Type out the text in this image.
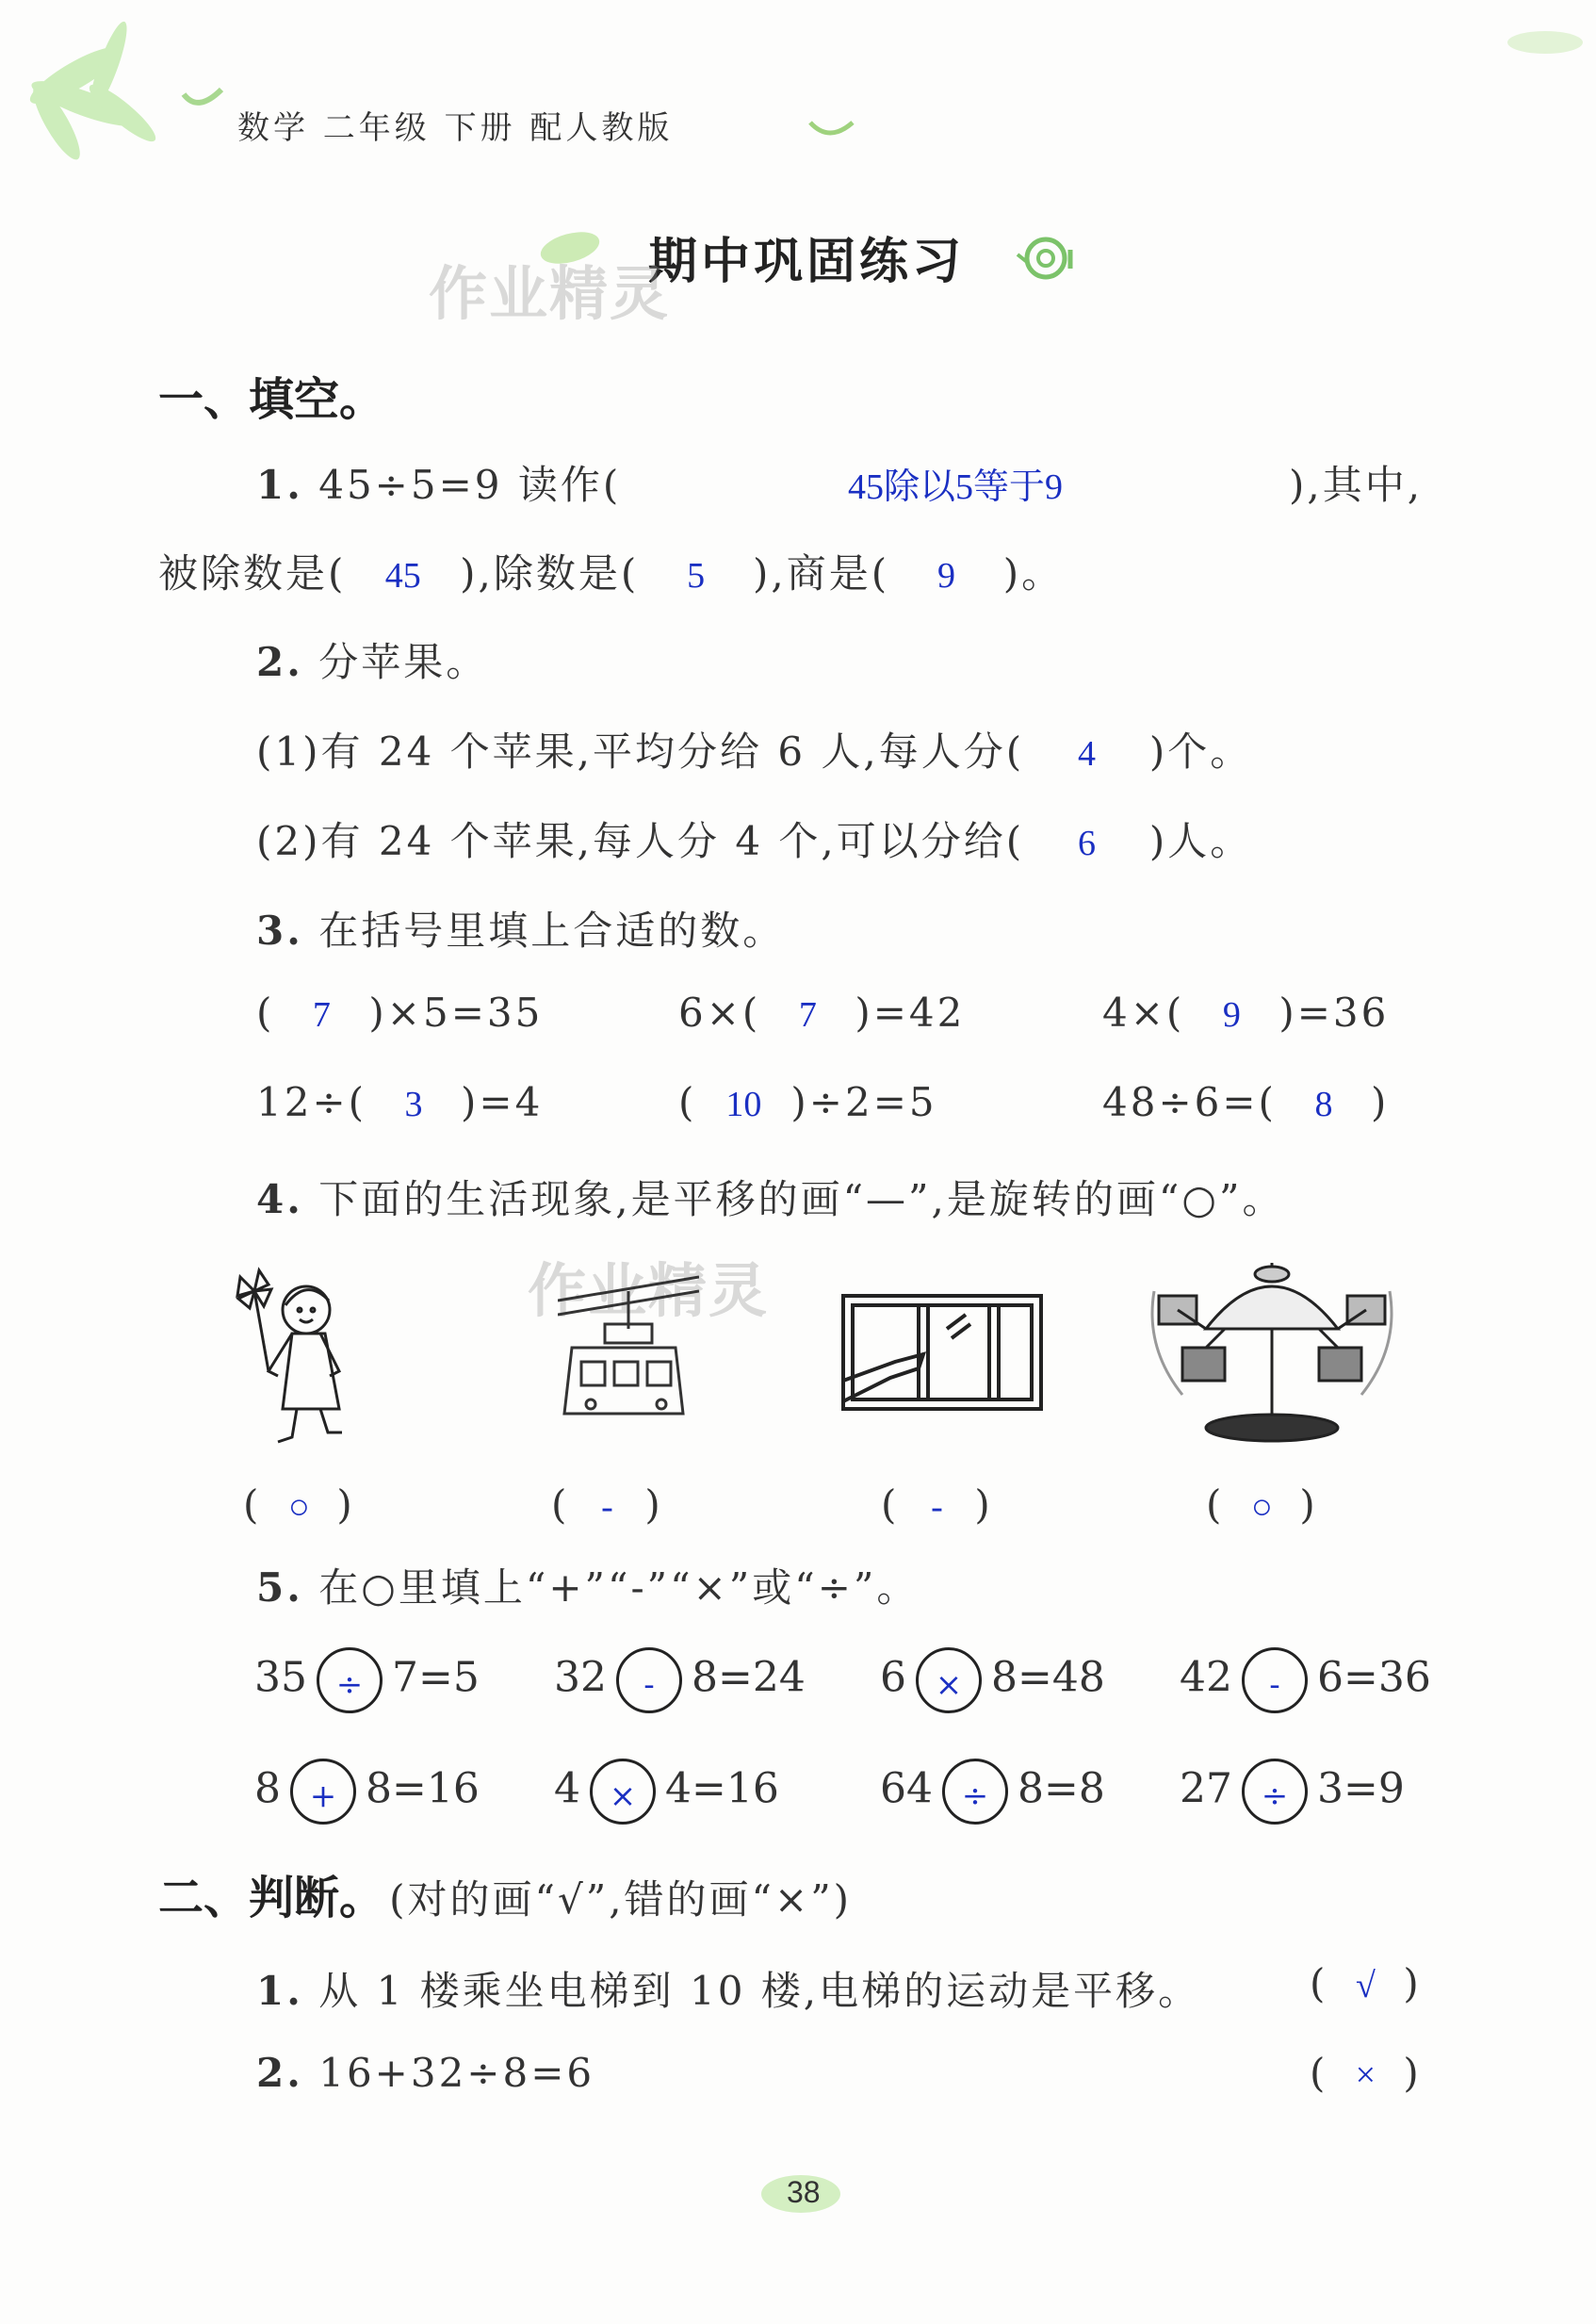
数学 二年级 下册 配人教版
期中巩固练习
作业精灵
一、填空。
1. 45÷5=9 读作(	45除以5等于9	),其中,
被除数是( 45 ),除数是( 5 ),商是( 9 )。
2. 分苹果。
(1)有 24 个苹果,平均分给 6 人,每人分( 4 )个。
(2)有 24 个苹果,每人分 4 个,可以分给( 6 )人。
3. 在括号里填上合适的数。
( 7 )×5=35	6×( 7 )=42	4×( 9 )=36
12÷( 3 )=4	( 10 )÷2=5	48÷6=( 8 )
4. 下面的生活现象,是平移的画“—”,是旋转的画“○”。
作业精灵
( ○ )	( - )	( - )	( ○ )
5. 在○里填上“+”“-”“×”或“÷”。
35 ÷ 7=5 32 - 8=24 6 × 8=48 42 - 6=36
8 + 8=16 4 × 4=16 64 ÷ 8=8 27 ÷ 3=9
二、判断。 (对的画“√”,错的画“×”)
1. 从 1 楼乘坐电梯到 10 楼,电梯的运动是平移。	( √ )
2. 16+32÷8=6	( × )
38
